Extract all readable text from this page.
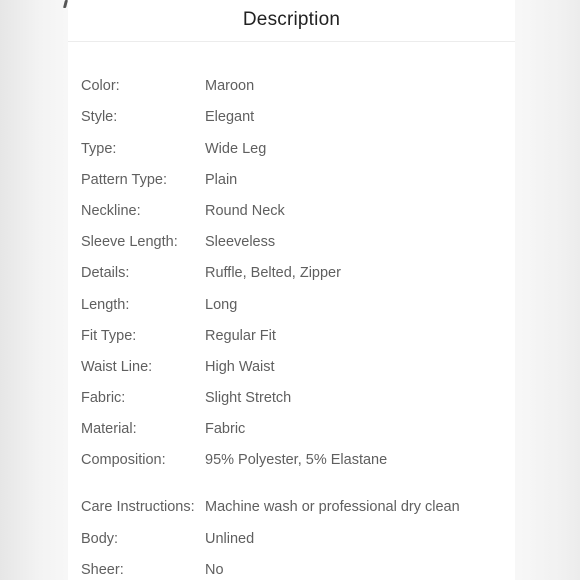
Description
Color:	Maroon
Style:	Elegant
Type:	Wide Leg
Pattern Type:	Plain
Neckline:	Round Neck
Sleeve Length:	Sleeveless
Details:	Ruffle, Belted, Zipper
Length:	Long
Fit Type:	Regular Fit
Waist Line:	High Waist
Fabric:	Slight Stretch
Material:	Fabric
Composition:	95% Polyester, 5% Elastane
Care Instructions: Machine wash or professional dry clean
Body:	Unlined
Sheer:	No
